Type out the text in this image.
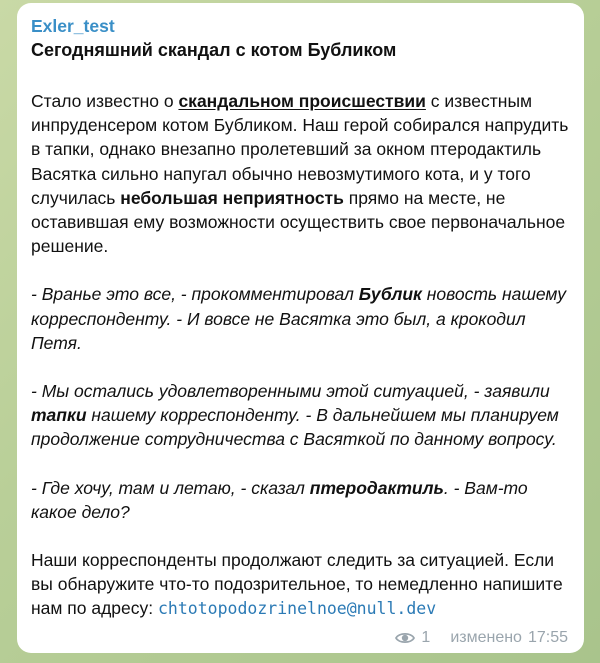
Exler_test
Сегодняшний скандал с котом Бубликом

Стало известно о скандальном происшествии с известным инпруденсером котом Бубликом. Наш герой собирался напрудить в тапки, однако внезапно пролетевший за окном птеродактиль Васятка сильно напугал обычно невозмутимого кота, и у того случилась небольшая неприятность прямо на месте, не оставившая ему возможности осуществить свое первоначальное решение.

- Вранье это все, - прокомментировал Бублик новость нашему корреспонденту. - И вовсе не Васятка это был, а крокодил Петя.

- Мы остались удовлетворенными этой ситуацией, - заявили тапки нашему корреспонденту. - В дальнейшем мы планируем продолжение сотрудничества с Васяткой по данному вопросу.

- Где хочу, там и летаю, - сказал птеродактиль. - Вам-то какое дело?

Наши корреспонденты продолжают следить за ситуацией. Если вы обнаружите что-то подозрительное, то немедленно напишите нам по адресу: chtotopodozrinelnoe@null.dev

1 изменено 17:55
